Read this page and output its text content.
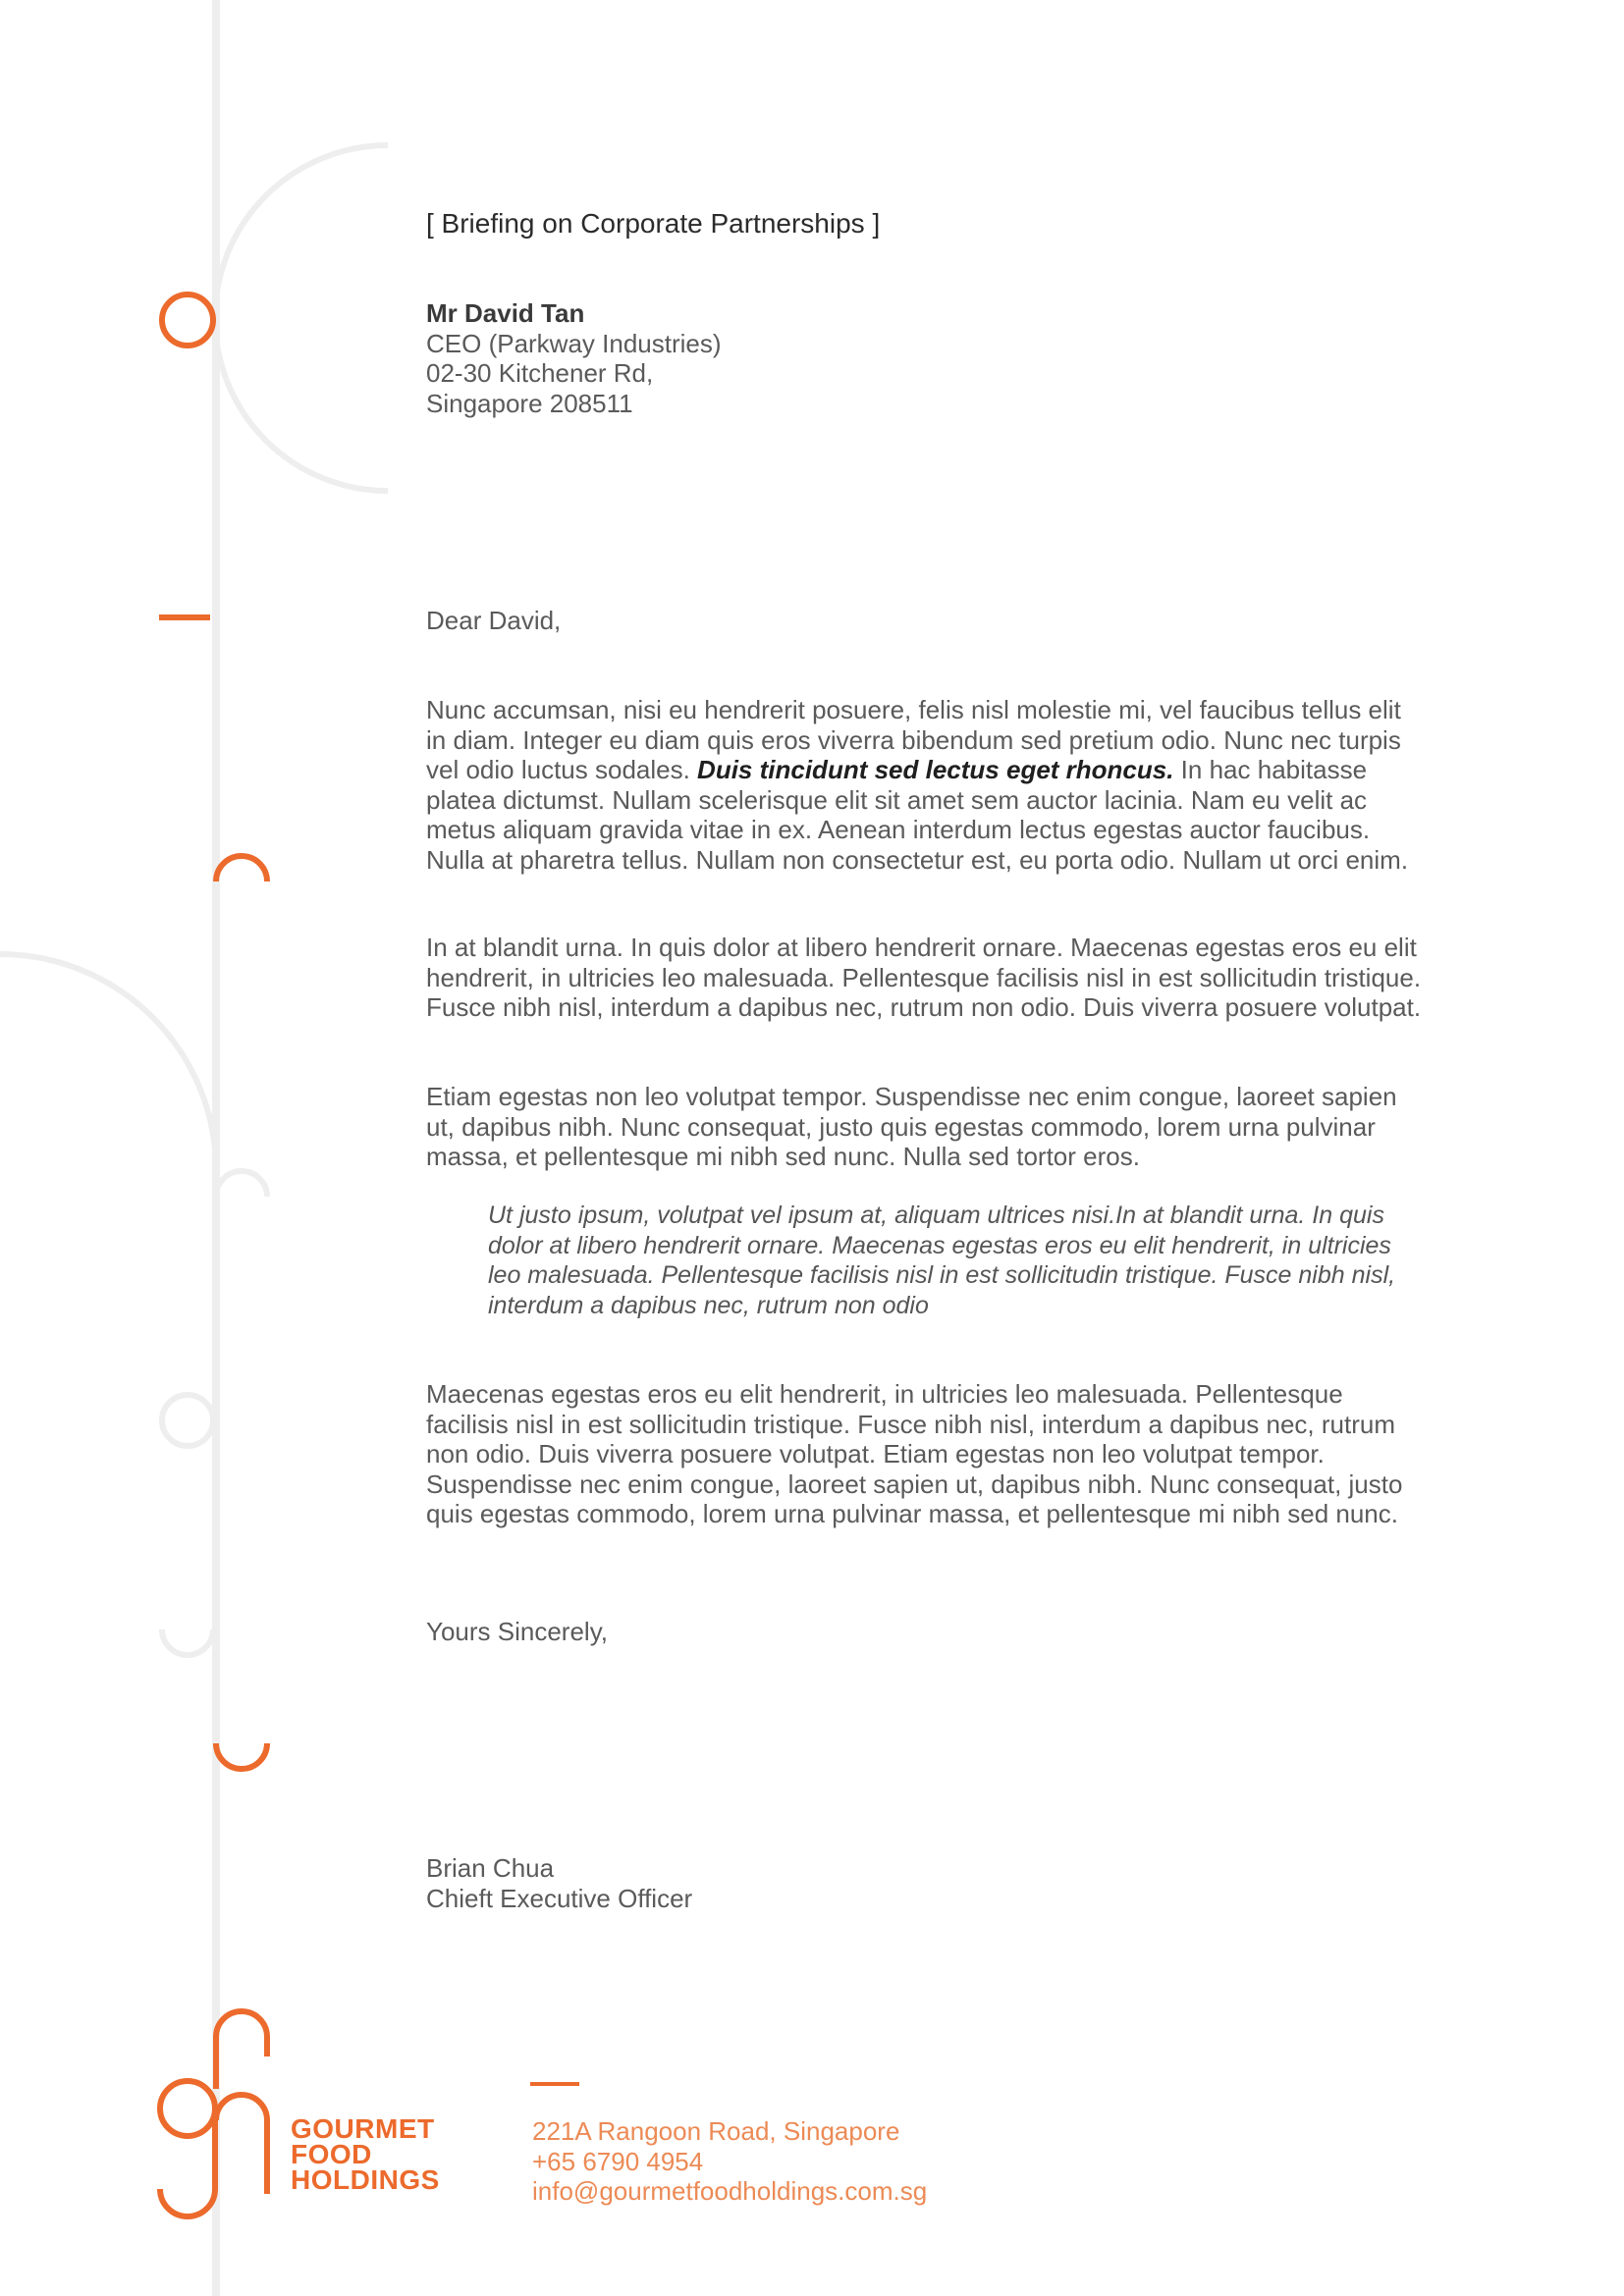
[ Briefing on Corporate Partnerships ]
Mr David Tan
CEO (Parkway Industries)
02-30 Kitchener Rd,
Singapore 208511
Dear David,
Nunc accumsan, nisi eu hendrerit posuere, felis nisl molestie mi, vel faucibus tellus elit in diam. Integer eu diam quis eros viverra bibendum sed pretium odio. Nunc nec turpis vel odio luctus sodales. Duis tincidunt sed lectus eget rhoncus. In hac habitasse platea dictumst. Nullam scelerisque elit sit amet sem auctor lacinia. Nam eu velit ac metus aliquam gravida vitae in ex. Aenean interdum lectus egestas auctor faucibus. Nulla at pharetra tellus. Nullam non consectetur est, eu porta odio. Nullam ut orci enim.
In at blandit urna. In quis dolor at libero hendrerit ornare. Maecenas egestas eros eu elit hendrerit, in ultricies leo malesuada. Pellentesque facilisis nisl in est sollicitudin tristique. Fusce nibh nisl, interdum a dapibus nec, rutrum non odio. Duis viverra posuere volutpat.
Etiam egestas non leo volutpat tempor. Suspendisse nec enim congue, laoreet sapien ut, dapibus nibh. Nunc consequat, justo quis egestas commodo, lorem urna pulvinar massa, et pellentesque mi nibh sed nunc. Nulla sed tortor eros.
Ut justo ipsum, volutpat vel ipsum at, aliquam ultrices nisi.In at blandit urna. In quis dolor at libero hendrerit ornare. Maecenas egestas eros eu elit hendrerit, in ultricies leo malesuada. Pellentesque facilisis nisl in est sollicitudin tristique. Fusce nibh nisl, interdum a dapibus nec, rutrum non odio
Maecenas egestas eros eu elit hendrerit, in ultricies leo malesuada. Pellentesque facilisis nisl in est sollicitudin tristique. Fusce nibh nisl, interdum a dapibus nec, rutrum non odio. Duis viverra posuere volutpat. Etiam egestas non leo volutpat tempor. Suspendisse nec enim congue, laoreet sapien ut, dapibus nibh. Nunc consequat, justo quis egestas commodo, lorem urna pulvinar massa, et pellentesque mi nibh sed nunc.
Yours Sincerely,
Brian Chua
Chieft Executive Officer
GOURMET
FOOD
HOLDINGS
221A Rangoon Road, Singapore
+65 6790 4954
info@gourmetfoodholdings.com.sg
